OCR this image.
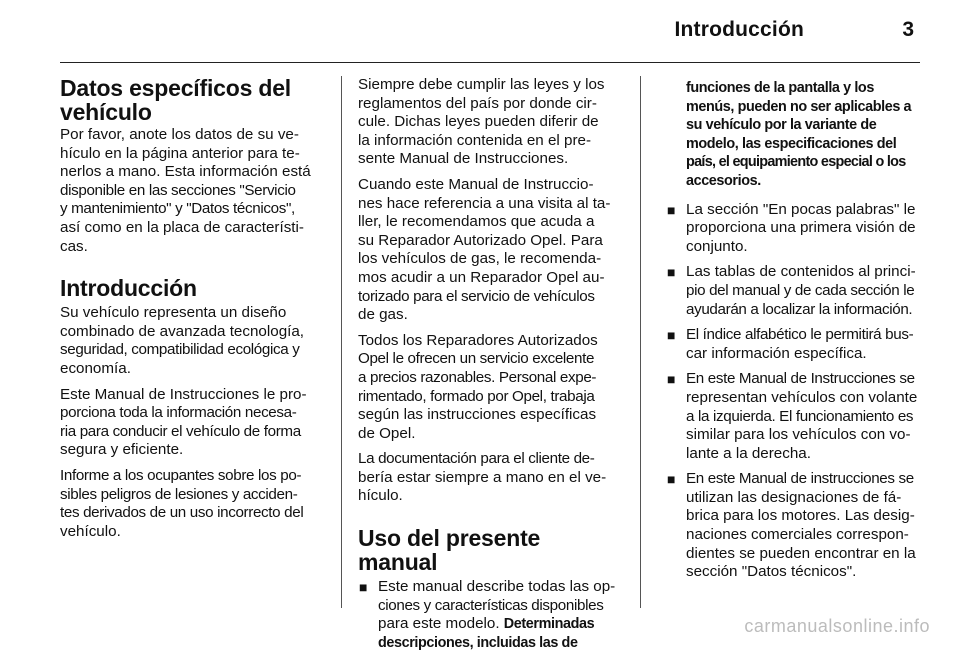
Introducción	3
Datos específicos del
vehículo

Por favor, anote los datos de su ve-
hículo en la página anterior para te-
nerlos a mano. Esta información está
disponible en las secciones "Servicio
y mantenimiento" y "Datos técnicos",
así como en la placa de característi-
cas.

Introducción

Su vehículo representa un diseño
combinado de avanzada tecnología,
seguridad, compatibilidad ecológica y
economía.

Este Manual de Instrucciones le pro-
porciona toda la información necesa-
ria para conducir el vehículo de forma
segura y eficiente.

Informe a los ocupantes sobre los po-
sibles peligros de lesiones y acciden-
tes derivados de un uso incorrecto del
vehículo.

Siempre debe cumplir las leyes y los
reglamentos del país por donde cir-
cule. Dichas leyes pueden diferir de
la información contenida en el pre-
sente Manual de Instrucciones.

Cuando este Manual de Instruccio-
nes hace referencia a una visita al ta-
ller, le recomendamos que acuda a
su Reparador Autorizado Opel. Para
los vehículos de gas, le recomenda-
mos acudir a un Reparador Opel au-
torizado para el servicio de vehículos
de gas.

Todos los Reparadores Autorizados
Opel le ofrecen un servicio excelente
a precios razonables. Personal expe-
rimentado, formado por Opel, trabaja
según las instrucciones específicas
de Opel.

La documentación para el cliente de-
bería estar siempre a mano en el ve-
hículo.

Uso del presente manual
■ Este manual describe todas las op-
ciones y características disponibles
para este modelo. Determinadas
descripciones, incluidas las de
funciones de la pantalla y los
menús, pueden no ser aplicables a
su vehículo por la variante de
modelo, las especificaciones del
país, el equipamiento especial o los
accesorios.
■ La sección "En pocas palabras" le
proporciona una primera visión de
conjunto.
■ Las tablas de contenidos al princi-
pio del manual y de cada sección le
ayudarán a localizar la información.
■ El índice alfabético le permitirá bus-
car información específica.
■ En este Manual de Instrucciones se
representan vehículos con volante
a la izquierda. El funcionamiento es
similar para los vehículos con vo-
lante a la derecha.
■ En este Manual de instrucciones se
utilizan las designaciones de fá-
brica para los motores. Las desig-
naciones comerciales correspon-
dientes se pueden encontrar en la
sección "Datos técnicos".
carmanualsonline.info
